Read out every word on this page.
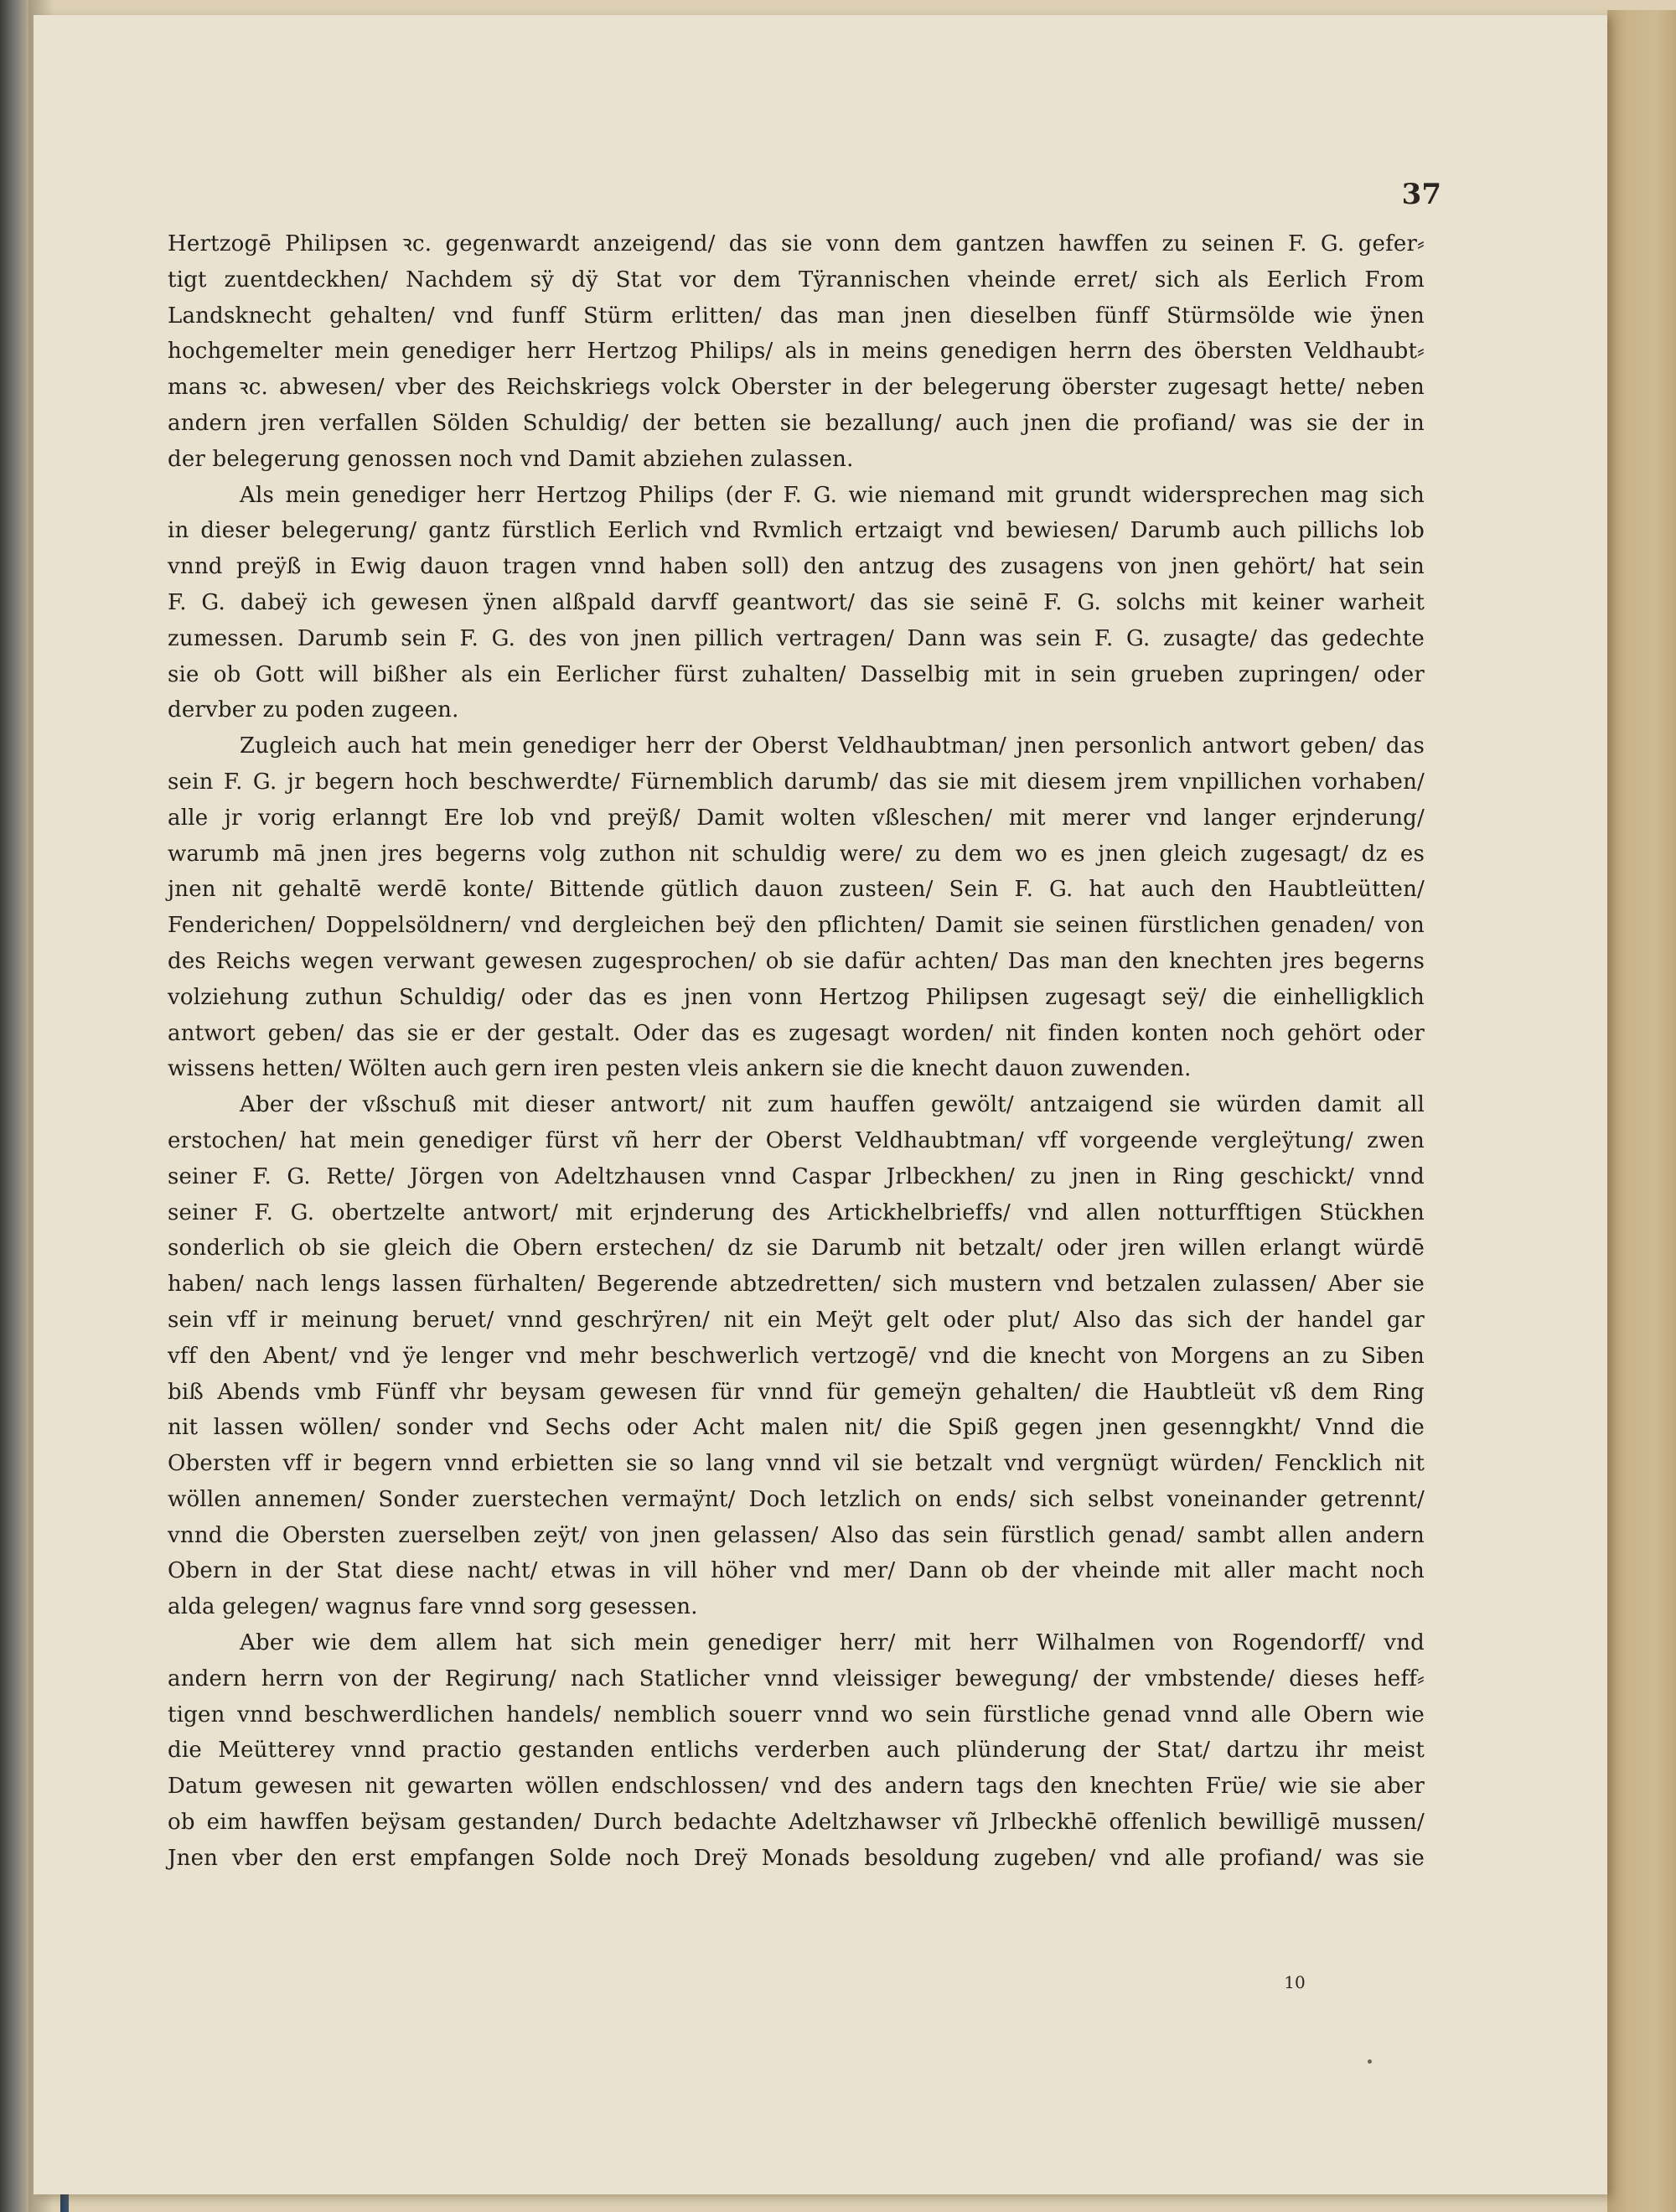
37
Hertzogē Philipsen ꝛc. gegenwardt anzeigend/ das sie vonn dem gantzen hawffen zu seinen F. G. gefer⸗
tigt zuentdeckhen/ Nachdem sÿ dÿ Stat vor dem Tÿrannischen vheinde erret/ sich als Eerlich From
Landsknecht gehalten/ vnd funff Stürm erlitten/ das man jnen dieselben fünff Stürmsölde wie ÿnen
hochgemelter mein genediger herr Hertzog Philips/ als in meins genedigen herrn des öbersten Veldhaubt⸗
mans ꝛc. abwesen/ vber des Reichskriegs volck Oberster in der belegerung öberster zugesagt hette/ neben
andern jren verfallen Sölden Schuldig/ der betten sie bezallung/ auch jnen die profiand/ was sie der in
der belegerung genossen noch vnd Damit abziehen zulassen.
Als mein genediger herr Hertzog Philips (der F. G. wie niemand mit grundt widersprechen mag sich
in dieser belegerung/ gantz fürstlich Eerlich vnd Rvmlich ertzaigt vnd bewiesen/ Darumb auch pillichs lob
vnnd preÿß in Ewig dauon tragen vnnd haben soll) den antzug des zusagens von jnen gehört/ hat sein
F. G. dabeÿ ich gewesen ÿnen alßpald darvff geantwort/ das sie seinē F. G. solchs mit keiner warheit
zumessen. Darumb sein F. G. des von jnen pillich vertragen/ Dann was sein F. G. zusagte/ das gedechte
sie ob Gott will bißher als ein Eerlicher fürst zuhalten/ Dasselbig mit in sein grueben zupringen/ oder
dervber zu poden zugeen.
Zugleich auch hat mein genediger herr der Oberst Veldhaubtman/ jnen personlich antwort geben/ das
sein F. G. jr begern hoch beschwerdte/ Fürnemblich darumb/ das sie mit diesem jrem vnpillichen vorhaben/
alle jr vorig erlanngt Ere lob vnd preÿß/ Damit wolten vßleschen/ mit merer vnd langer erjnderung/
warumb mā jnen jres begerns volg zuthon nit schuldig were/ zu dem wo es jnen gleich zugesagt/ dz es
jnen nit gehaltē werdē konte/ Bittende gütlich dauon zusteen/ Sein F. G. hat auch den Haubtleütten/
Fenderichen/ Doppelsöldnern/ vnd dergleichen beÿ den pflichten/ Damit sie seinen fürstlichen genaden/ von
des Reichs wegen verwant gewesen zugesprochen/ ob sie dafür achten/ Das man den knechten jres begerns
volziehung zuthun Schuldig/ oder das es jnen vonn Hertzog Philipsen zugesagt seÿ/ die einhelligklich
antwort geben/ das sie er der gestalt. Oder das es zugesagt worden/ nit finden konten noch gehört oder
wissens hetten/ Wölten auch gern iren pesten vleis ankern sie die knecht dauon zuwenden.
Aber der vßschuß mit dieser antwort/ nit zum hauffen gewölt/ antzaigend sie würden damit all
erstochen/ hat mein genediger fürst vñ herr der Oberst Veldhaubtman/ vff vorgeende vergleÿtung/ zwen
seiner F. G. Rette/ Jörgen von Adeltzhausen vnnd Caspar Jrlbeckhen/ zu jnen in Ring geschickt/ vnnd
seiner F. G. obertzelte antwort/ mit erjnderung des Artickhelbrieffs/ vnd allen notturfftigen Stückhen
sonderlich ob sie gleich die Obern erstechen/ dz sie Darumb nit betzalt/ oder jren willen erlangt würdē
haben/ nach lengs lassen fürhalten/ Begerende abtzedretten/ sich mustern vnd betzalen zulassen/ Aber sie
sein vff ir meinung beruet/ vnnd geschrÿren/ nit ein Meÿt gelt oder plut/ Also das sich der handel gar
vff den Abent/ vnd ÿe lenger vnd mehr beschwerlich vertzogē/ vnd die knecht von Morgens an zu Siben
biß Abends vmb Fünff vhr beysam gewesen für vnnd für gemeÿn gehalten/ die Haubtleüt vß dem Ring
nit lassen wöllen/ sonder vnd Sechs oder Acht malen nit/ die Spiß gegen jnen gesenngkht/ Vnnd die
Obersten vff ir begern vnnd erbietten sie so lang vnnd vil sie betzalt vnd vergnügt würden/ Fencklich nit
wöllen annemen/ Sonder zuerstechen vermaÿnt/ Doch letzlich on ends/ sich selbst voneinander getrennt/
vnnd die Obersten zuerselben zeÿt/ von jnen gelassen/ Also das sein fürstlich genad/ sambt allen andern
Obern in der Stat diese nacht/ etwas in vill höher vnd mer/ Dann ob der vheinde mit aller macht noch
alda gelegen/ wagnus fare vnnd sorg gesessen.
Aber wie dem allem hat sich mein genediger herr/ mit herr Wilhalmen von Rogendorff/ vnd
andern herrn von der Regirung/ nach Statlicher vnnd vleissiger bewegung/ der vmbstende/ dieses heff⸗
tigen vnnd beschwerdlichen handels/ nemblich souerr vnnd wo sein fürstliche genad vnnd alle Obern wie
die Meütterey vnnd practio gestanden entlichs verderben auch plünderung der Stat/ dartzu ihr meist
Datum gewesen nit gewarten wöllen endschlossen/ vnd des andern tags den knechten Früe/ wie sie aber
ob eim hawffen beÿsam gestanden/ Durch bedachte Adeltzhawser vñ Jrlbeckhē offenlich bewilligē mussen/
Jnen vber den erst empfangen Solde noch Dreÿ Monads besoldung zugeben/ vnd alle profiand/ was sie
10
